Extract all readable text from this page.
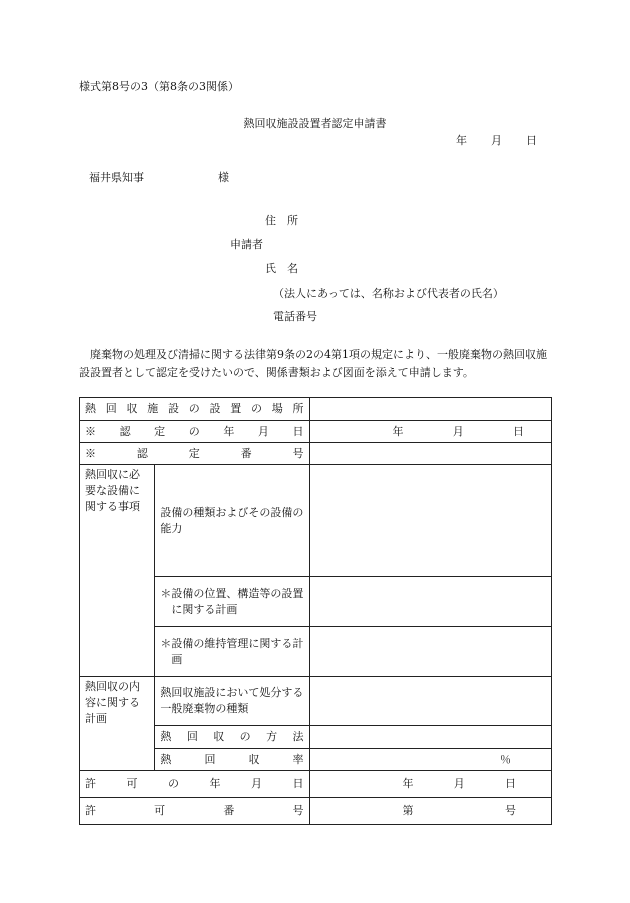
様式第8号の3（第8条の3関係）
熱回収施設設置者認定申請書
年 月 日
福井県知事	様
住　所
申請者
氏　名
（法人にあっては、名称および代表者の氏名）
電話番号
廃棄物の処理及び清掃に関する法律第9条の2の4第1項の規定により、一般廃棄物の熱回収施設設置者として認定を受けたいので、関係書類および図面を添えて申請します。
熱回収施設の設置の場所		
※認定の年月日		年 月 日

※認定番号		
熱回収に必要な設備に関する事項	設備の種類およびその設備の能力	

	＊設備の位置、構造等の設置に関する計画	

	＊設備の維持管理に関する計画	

熱回収の内容に関する計画	熱回収施設において処分する一般廃棄物の種類	
	熱回収の方法	
	熱回収率	％
許可の年月日		年 月 日

許可番号		第 号
